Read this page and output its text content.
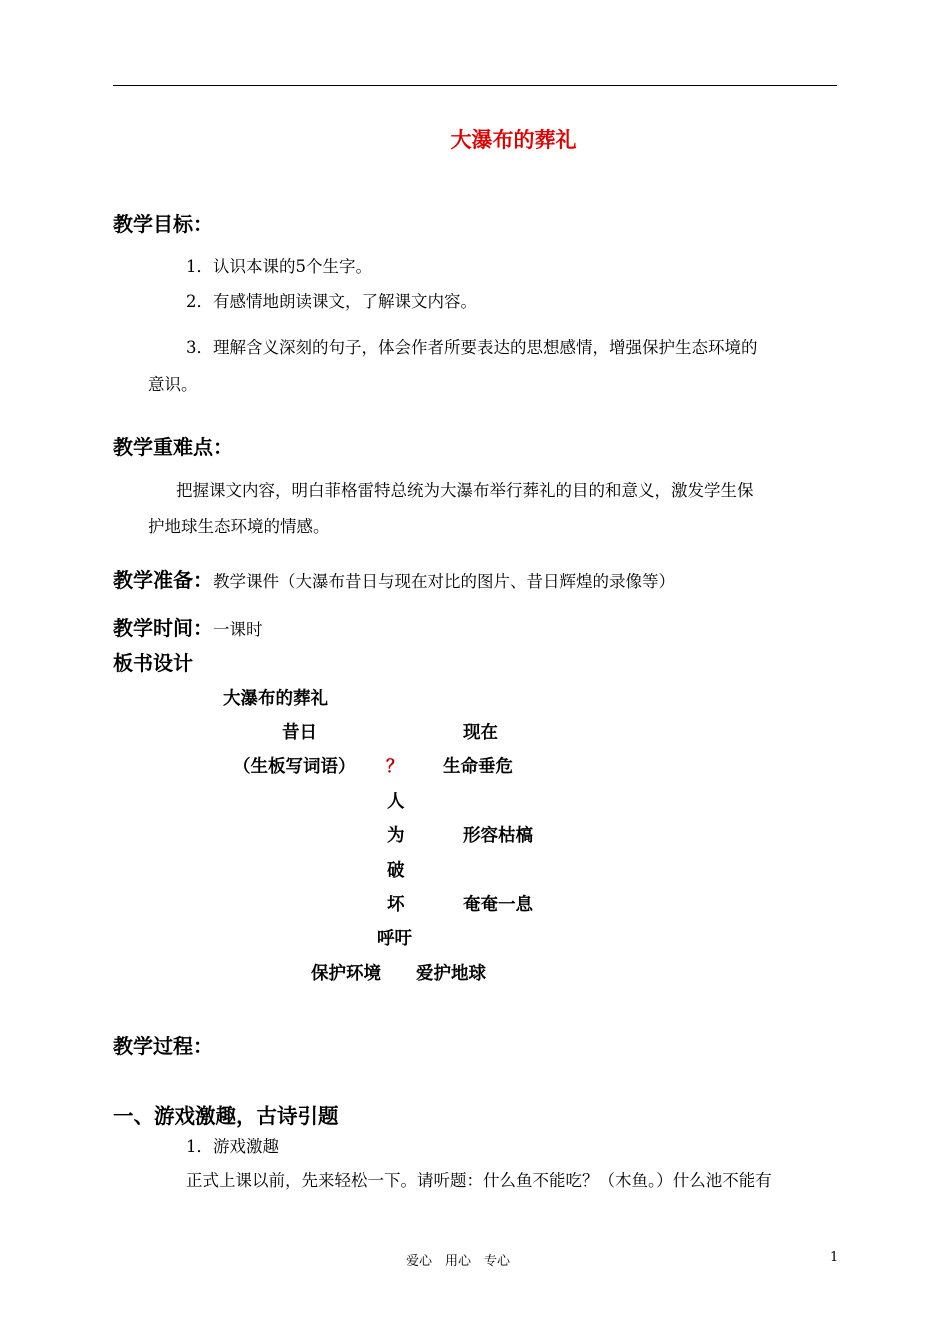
大瀑布的葬礼
教学目标：
1．认识本课的5个生字。
2．有感情地朗读课文，了解课文内容。
3．理解含义深刻的句子，体会作者所要表达的思想感情，增强保护生态环境的
意识。
教学重难点：
把握课文内容，明白菲格雷特总统为大瀑布举行葬礼的目的和意义，激发学生保
护地球生态环境的情感。
教学准备：教学课件（大瀑布昔日与现在对比的图片、昔日辉煌的录像等）
教学时间：一课时
板书设计
大瀑布的葬礼
昔日	现在
（生板写词语） ？ 生命垂危
人
为	形容枯槁
破
坏	奄奄一息
呼吁
保护环境 爱护地球
教学过程：
一、游戏激趣，古诗引题
1．游戏激趣
正式上课以前，先来轻松一下。请听题：什么鱼不能吃？（木鱼。）什么池不能有
爱心　用心　专心	1
